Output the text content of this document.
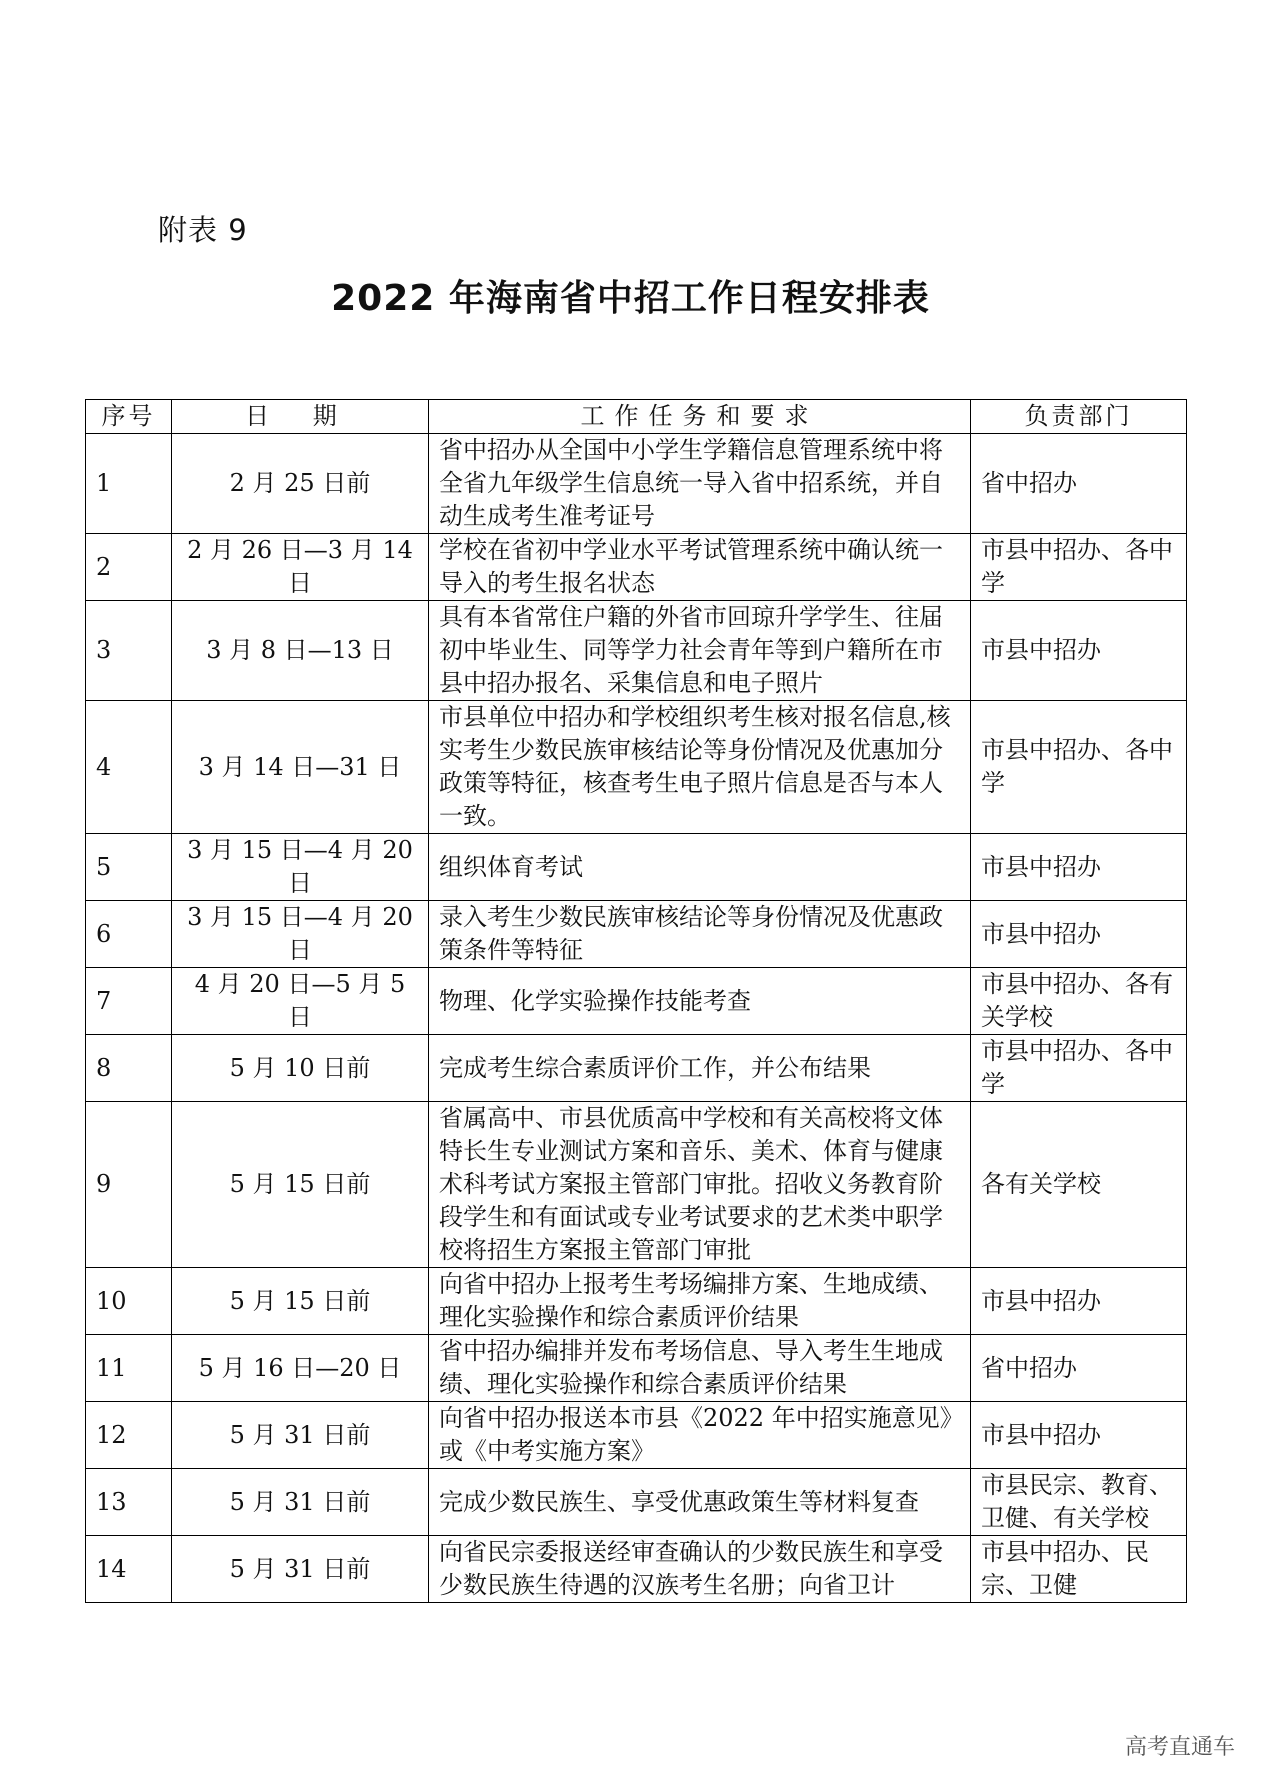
附表 9
2022 年海南省中招工作日程安排表
序号	日 期	工作任务和要求	负责部门
1	2 月 25 日前	省中招办从全国中小学生学籍信息管理系统中将全省九年级学生信息统一导入省中招系统，并自动生成考生准考证号	省中招办
2	2 月 26 日—3 月 14 日	学校在省初中学业水平考试管理系统中确认统一导入的考生报名状态	市县中招办、各中学
3	3 月 8 日—13 日	具有本省常住户籍的外省市回琼升学学生、往届初中毕业生、同等学力社会青年等到户籍所在市县中招办报名、采集信息和电子照片	市县中招办
4	3 月 14 日—31 日	市县单位中招办和学校组织考生核对报名信息,核实考生少数民族审核结论等身份情况及优惠加分政策等特征，核查考生电子照片信息是否与本人一致。	市县中招办、各中学
5	3 月 15 日—4 月 20 日	组织体育考试	市县中招办
6	3 月 15 日—4 月 20 日	录入考生少数民族审核结论等身份情况及优惠政策条件等特征	市县中招办
7	4 月 20 日—5 月 5 日	物理、化学实验操作技能考查	市县中招办、各有关学校
8	5 月 10 日前	完成考生综合素质评价工作，并公布结果	市县中招办、各中学
9	5 月 15 日前	省属高中、市县优质高中学校和有关高校将文体特长生专业测试方案和音乐、美术、体育与健康术科考试方案报主管部门审批。招收义务教育阶段学生和有面试或专业考试要求的艺术类中职学校将招生方案报主管部门审批	各有关学校
10	5 月 15 日前	向省中招办上报考生考场编排方案、生地成绩、理化实验操作和综合素质评价结果	市县中招办
11	5 月 16 日—20 日	省中招办编排并发布考场信息、导入考生生地成绩、理化实验操作和综合素质评价结果	省中招办
12	5 月 31 日前	向省中招办报送本市县《2022 年中招实施意见》或《中考实施方案》	市县中招办
13	5 月 31 日前	完成少数民族生、享受优惠政策生等材料复查	市县民宗、教育、卫健、有关学校
14	5 月 31 日前	向省民宗委报送经审查确认的少数民族生和享受少数民族生待遇的汉族考生名册；向省卫计	市县中招办、民宗、卫健
高考直通车
